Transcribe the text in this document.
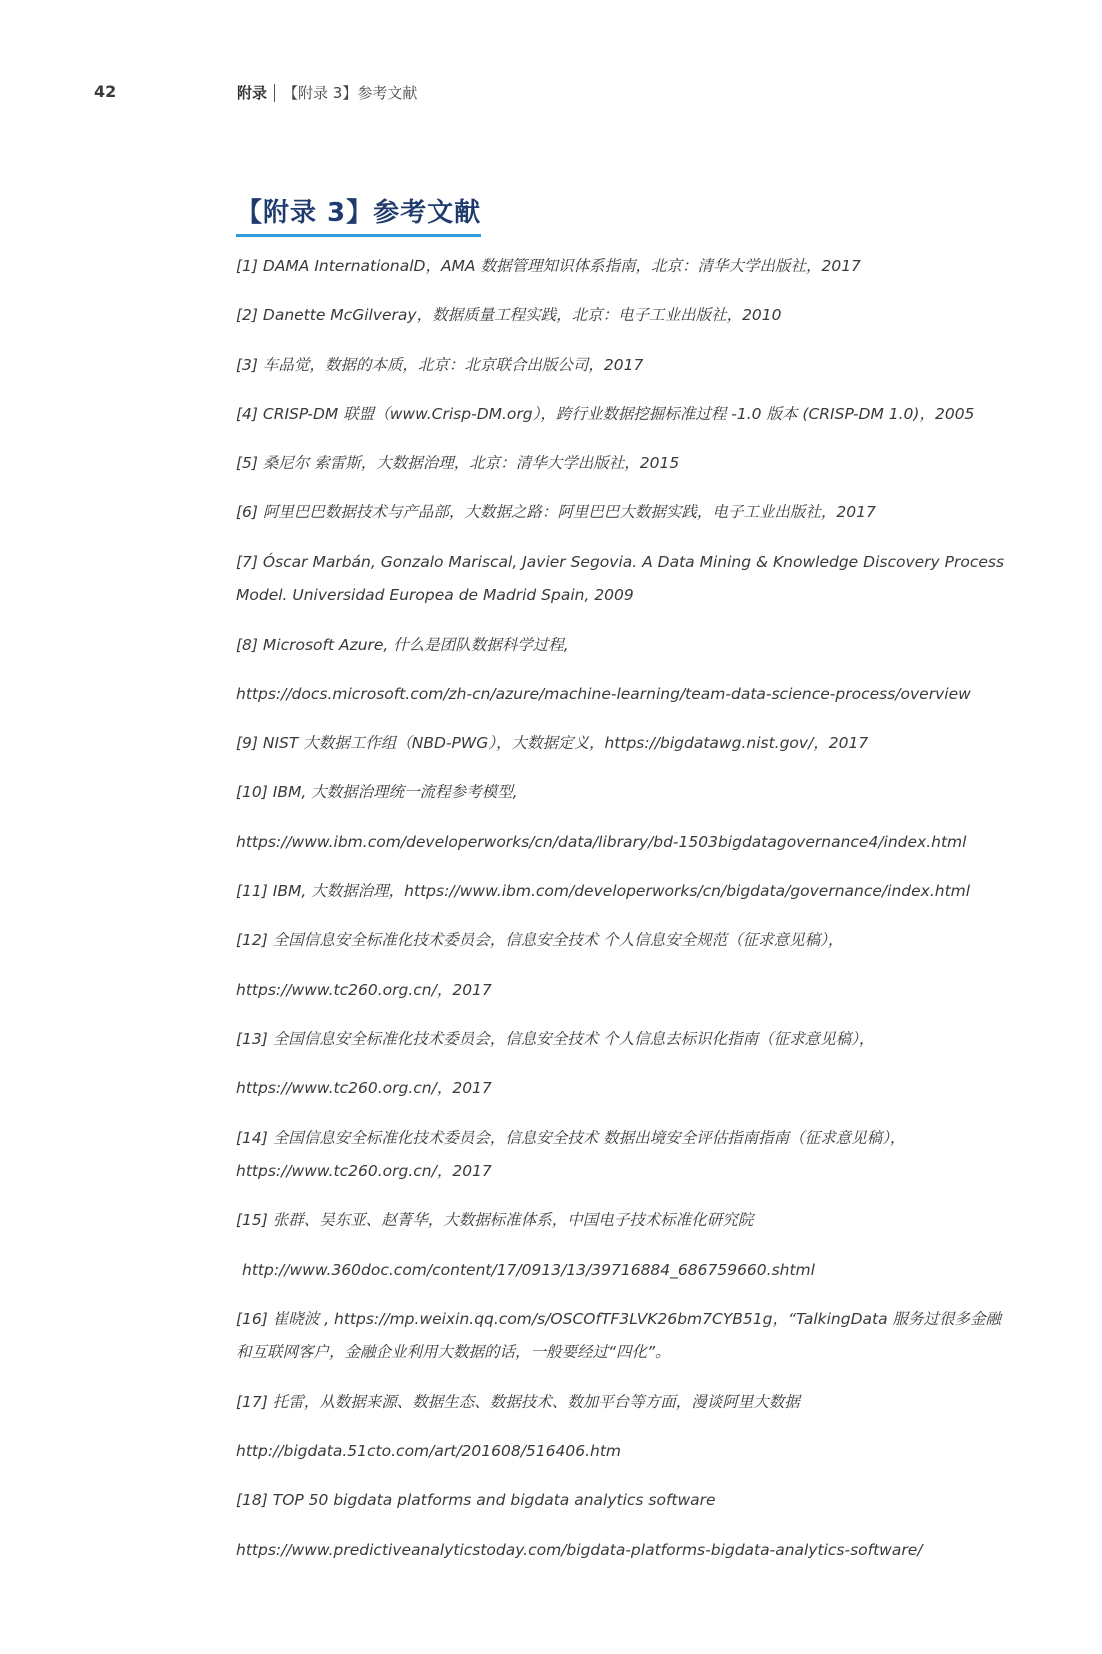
42	附录 【附录 3】参考文献
【附录 3】参考文献
[1] DAMA InternationalD，AMA 数据管理知识体系指南，北京：清华大学出版社，2017
[2] Danette McGilveray，数据质量工程实践，北京：电子工业出版社，2010
[3] 车品觉，数据的本质，北京：北京联合出版公司，2017
[4] CRISP-DM 联盟（www.Crisp-DM.org），跨行业数据挖掘标准过程 -1.0 版本 (CRISP-DM 1.0)，2005
[5] 桑尼尔 索雷斯，大数据治理，北京：清华大学出版社，2015
[6] 阿里巴巴数据技术与产品部，大数据之路：阿里巴巴大数据实践，电子工业出版社，2017
[7] Óscar Marbán, Gonzalo Mariscal, Javier Segovia. A Data Mining & Knowledge Discovery Process
Model. Universidad Europea de Madrid Spain, 2009
[8] Microsoft Azure, 什么是团队数据科学过程,
https://docs.microsoft.com/zh-cn/azure/machine-learning/team-data-science-process/overview
[9] NIST 大数据工作组（NBD-PWG），大数据定义，https://bigdatawg.nist.gov/，2017
[10] IBM, 大数据治理统一流程参考模型,
https://www.ibm.com/developerworks/cn/data/library/bd-1503bigdatagovernance4/index.html
[11] IBM, 大数据治理，https://www.ibm.com/developerworks/cn/bigdata/governance/index.html
[12] 全国信息安全标准化技术委员会，信息安全技术 个人信息安全规范（征求意见稿），
https://www.tc260.org.cn/，2017
[13] 全国信息安全标准化技术委员会，信息安全技术 个人信息去标识化指南（征求意见稿），
https://www.tc260.org.cn/，2017
[14] 全国信息安全标准化技术委员会，信息安全技术 数据出境安全评估指南指南（征求意见稿），
https://www.tc260.org.cn/，2017
[15] 张群、吴东亚、赵菁华，大数据标准体系，中国电子技术标准化研究院
http://www.360doc.com/content/17/0913/13/39716884_686759660.shtml
[16] 崔晓波 , https://mp.weixin.qq.com/s/OSCOfTF3LVK26bm7CYB51g，“TalkingData 服务过很多金融
和互联网客户，金融企业利用大数据的话，一般要经过“四化”。
[17] 托雷，从数据来源、数据生态、数据技术、数加平台等方面，漫谈阿里大数据
http://bigdata.51cto.com/art/201608/516406.htm
[18] TOP 50 bigdata platforms and bigdata analytics software
https://www.predictiveanalyticstoday.com/bigdata-platforms-bigdata-analytics-software/
